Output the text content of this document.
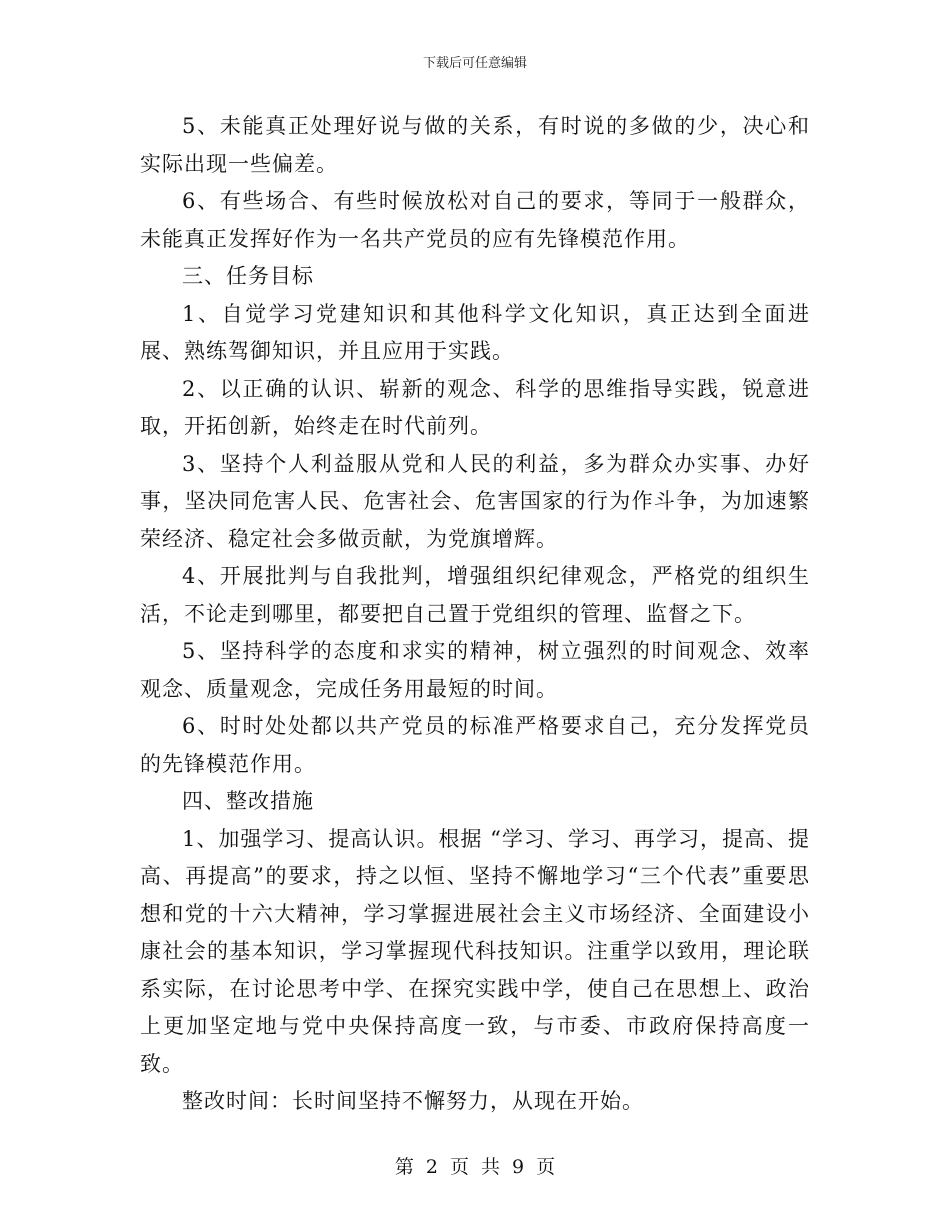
下载后可任意编辑

5、未能真正处理好说与做的关系，有时说的多做的少，决心和实际出现一些偏差。

6、有些场合、有些时候放松对自己的要求，等同于一般群众，未能真正发挥好作为一名共产党员的应有先锋模范作用。

三、任务目标

1、自觉学习党建知识和其他科学文化知识，真正达到全面进展、熟练驾御知识，并且应用于实践。

2、以正确的认识、崭新的观念、科学的思维指导实践，锐意进取，开拓创新，始终走在时代前列。

3、坚持个人利益服从党和人民的利益，多为群众办实事、办好事，坚决同危害人民、危害社会、危害国家的行为作斗争，为加速繁荣经济、稳定社会多做贡献，为党旗增辉。

4、开展批判与自我批判，增强组织纪律观念，严格党的组织生活，不论走到哪里，都要把自己置于党组织的管理、监督之下。

5、坚持科学的态度和求实的精神，树立强烈的时间观念、效率观念、质量观念，完成任务用最短的时间。

6、时时处处都以共产党员的标准严格要求自己，充分发挥党员的先锋模范作用。

四、整改措施

1、加强学习、提高认识。根据 “学习、学习、再学习，提高、提高、再提高”的要求，持之以恒、坚持不懈地学习“三个代表”重要思想和党的十六大精神，学习掌握进展社会主义市场经济、全面建设小康社会的基本知识，学习掌握现代科技知识。注重学以致用，理论联系实际，在讨论思考中学、在探究实践中学，使自己在思想上、政治上更加坚定地与党中央保持高度一致，与市委、市政府保持高度一致。

整改时间：长时间坚持不懈努力，从现在开始。

第 2 页 共 9 页
